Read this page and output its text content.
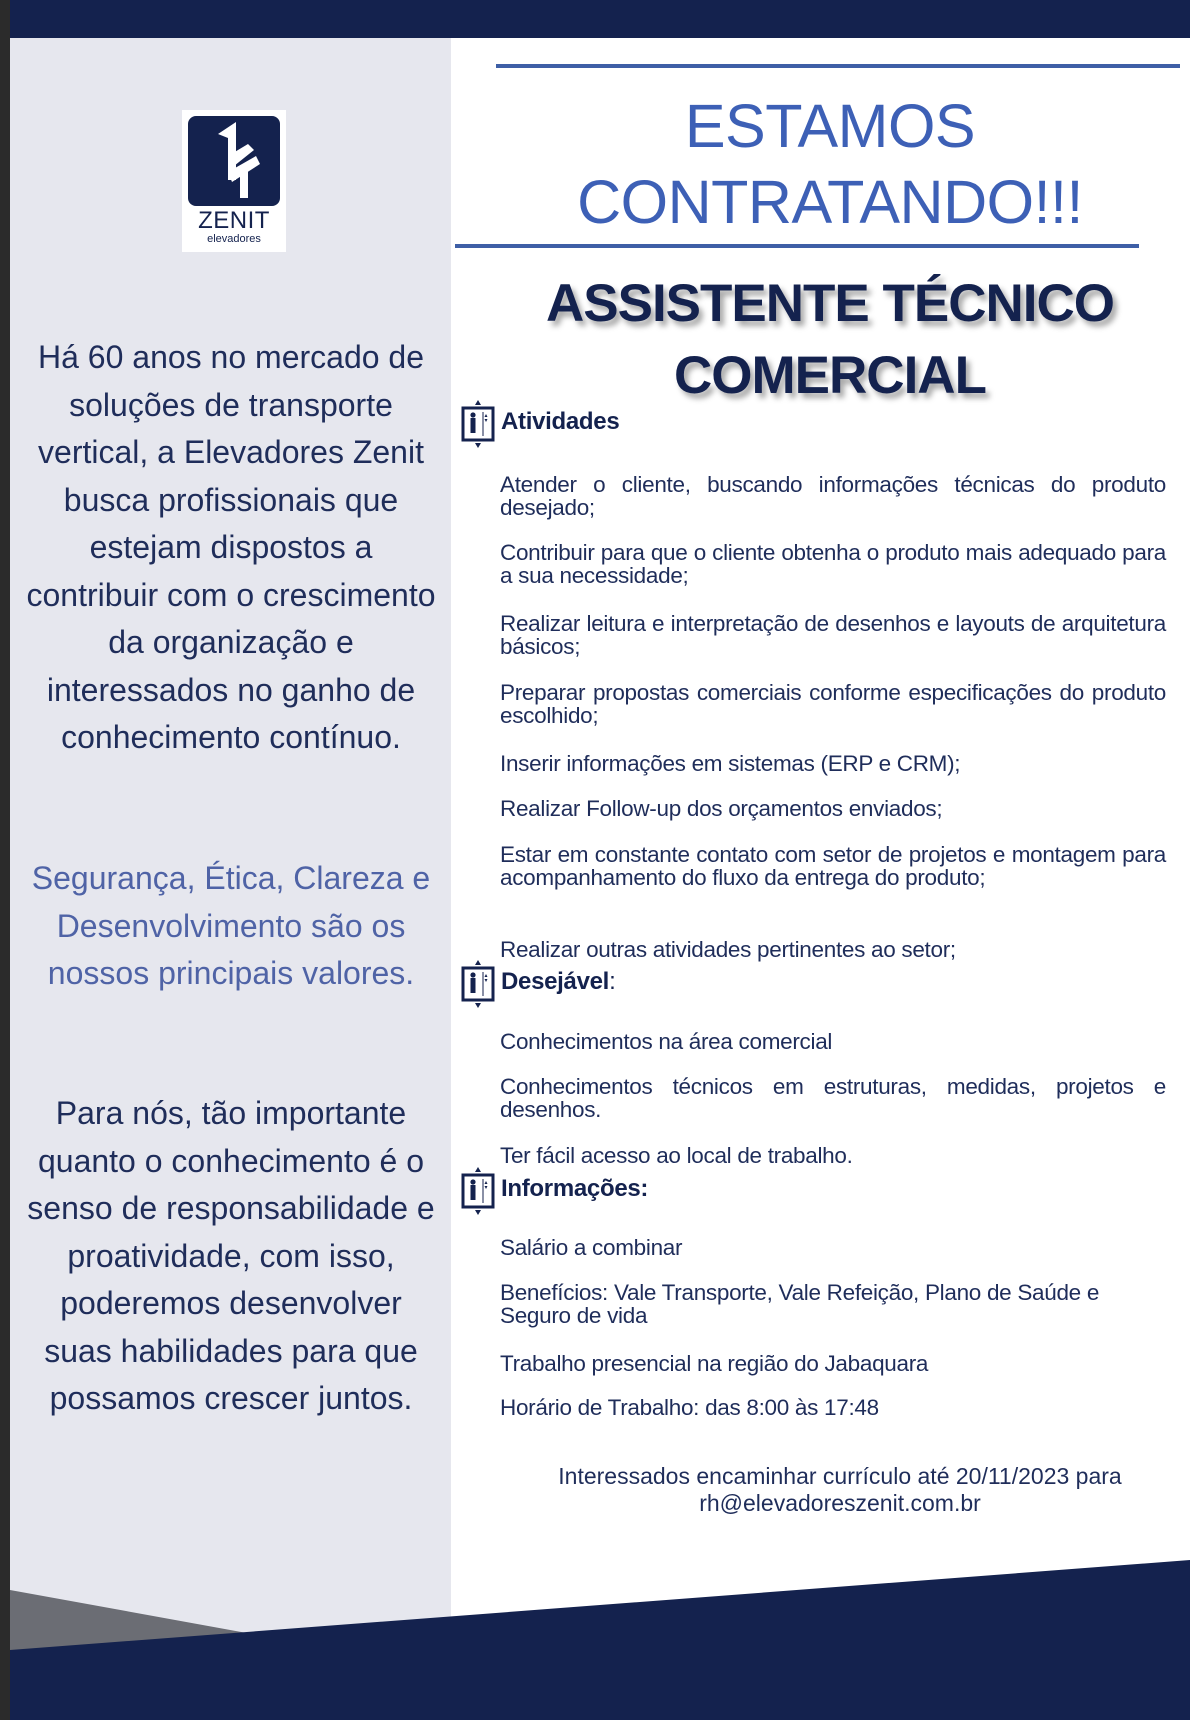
ZENIT
elevadores

Há 60 anos no mercado de soluções de transporte vertical, a Elevadores Zenit busca profissionais que estejam dispostos a contribuir com o crescimento da organização e interessados no ganho de conhecimento contínuo.

Segurança, Ética, Clareza e Desenvolvimento são os nossos principais valores.

Para nós, tão importante quanto o conhecimento é o senso de responsabilidade e proatividade, com isso, poderemos desenvolver suas habilidades para que possamos crescer juntos.

ESTAMOS
CONTRATANDO!!!
ASSISTENTE TÉCNICO
COMERCIAL
Atividades

Atender o cliente, buscando informações técnicas do produto desejado;

Contribuir para que o cliente obtenha o produto mais adequado para a sua necessidade;

Realizar leitura e interpretação de desenhos e layouts de arquitetura básicos;

Preparar propostas comerciais conforme especificações do produto escolhido;

Inserir informações em sistemas (ERP e CRM);

Realizar Follow-up dos orçamentos enviados;

Estar em constante contato com setor de projetos e montagem para acompanhamento do fluxo da entrega do produto;

Realizar outras atividades pertinentes ao setor;

Desejável:

Conhecimentos na área comercial

Conhecimentos técnicos em estruturas, medidas, projetos e desenhos.

Ter fácil acesso ao local de trabalho.

Informações:

Salário a combinar

Benefícios: Vale Transporte, Vale Refeição, Plano de Saúde e Seguro de vida

Trabalho presencial na região do Jabaquara

Horário de Trabalho: das 8:00 às 17:48

Interessados encaminhar currículo até 20/11/2023 para
rh@elevadoreszenit.com.br
